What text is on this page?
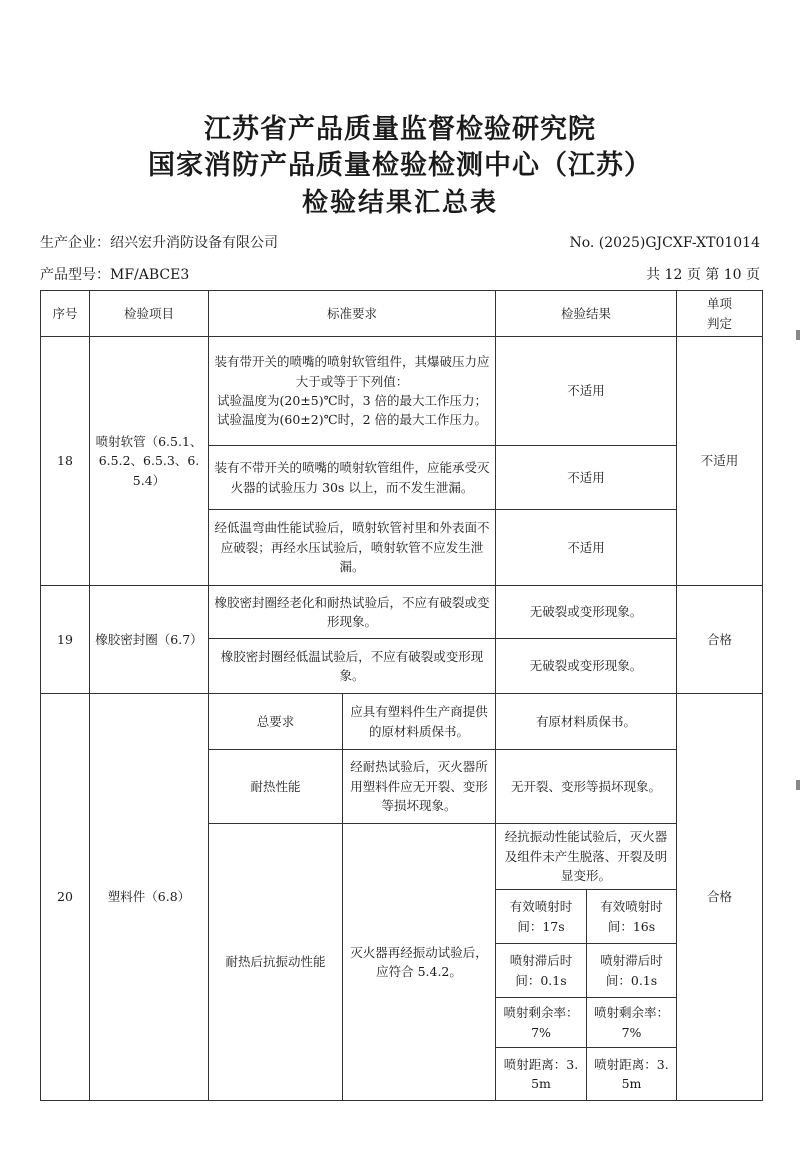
江苏省产品质量监督检验研究院
国家消防产品质量检验检测中心（江苏）
检验结果汇总表
生产企业：绍兴宏升消防设备有限公司	No. (2025)GJCXF-XT01014
产品型号：MF/ABCE3	共 12 页 第 10 页
序号	检验项目	标准要求		检验结果		单项
判定
18	喷射软管（6.5.1、6.5.2、6.5.3、6.5.4）	装有带开关的喷嘴的喷射软管组件，其爆破压力应大于或等于下列值：
试验温度为(20±5)℃时，3 倍的最大工作压力；
试验温度为(60±2)℃时，2 倍的最大工作压力。		不适用		不适用
		装有不带开关的喷嘴的喷射软管组件，应能承受灭火器的试验压力 30s 以上，而不发生泄漏。		不适用		
		经低温弯曲性能试验后，喷射软管衬里和外表面不应破裂；再经水压试验后，喷射软管不应发生泄漏。		不适用		
19	橡胶密封圈（6.7）	橡胶密封圈经老化和耐热试验后，不应有破裂或变形现象。		无破裂或变形现象。		合格
		橡胶密封圈经低温试验后，不应有破裂或变形现象。		无破裂或变形现象。		
20	塑料件（6.8）	总要求	应具有塑料件生产商提供的原材料质保书。	有原材料质保书。		合格
		耐热性能	经耐热试验后，灭火器所用塑料件应无开裂、变形等损坏现象。	无开裂、变形等损坏现象。		
		耐热后抗振动性能	灭火器再经振动试验后，应符合 5.4.2。	经抗振动性能试验后，灭火器及组件未产生脱落、开裂及明显变形。		
				有效喷射时间：17s	有效喷射时间：16s	
				喷射滞后时间：0.1s	喷射滞后时间：0.1s	
				喷射剩余率：7%	喷射剩余率：7%	
				喷射距离：3.5m	喷射距离：3.5m	
